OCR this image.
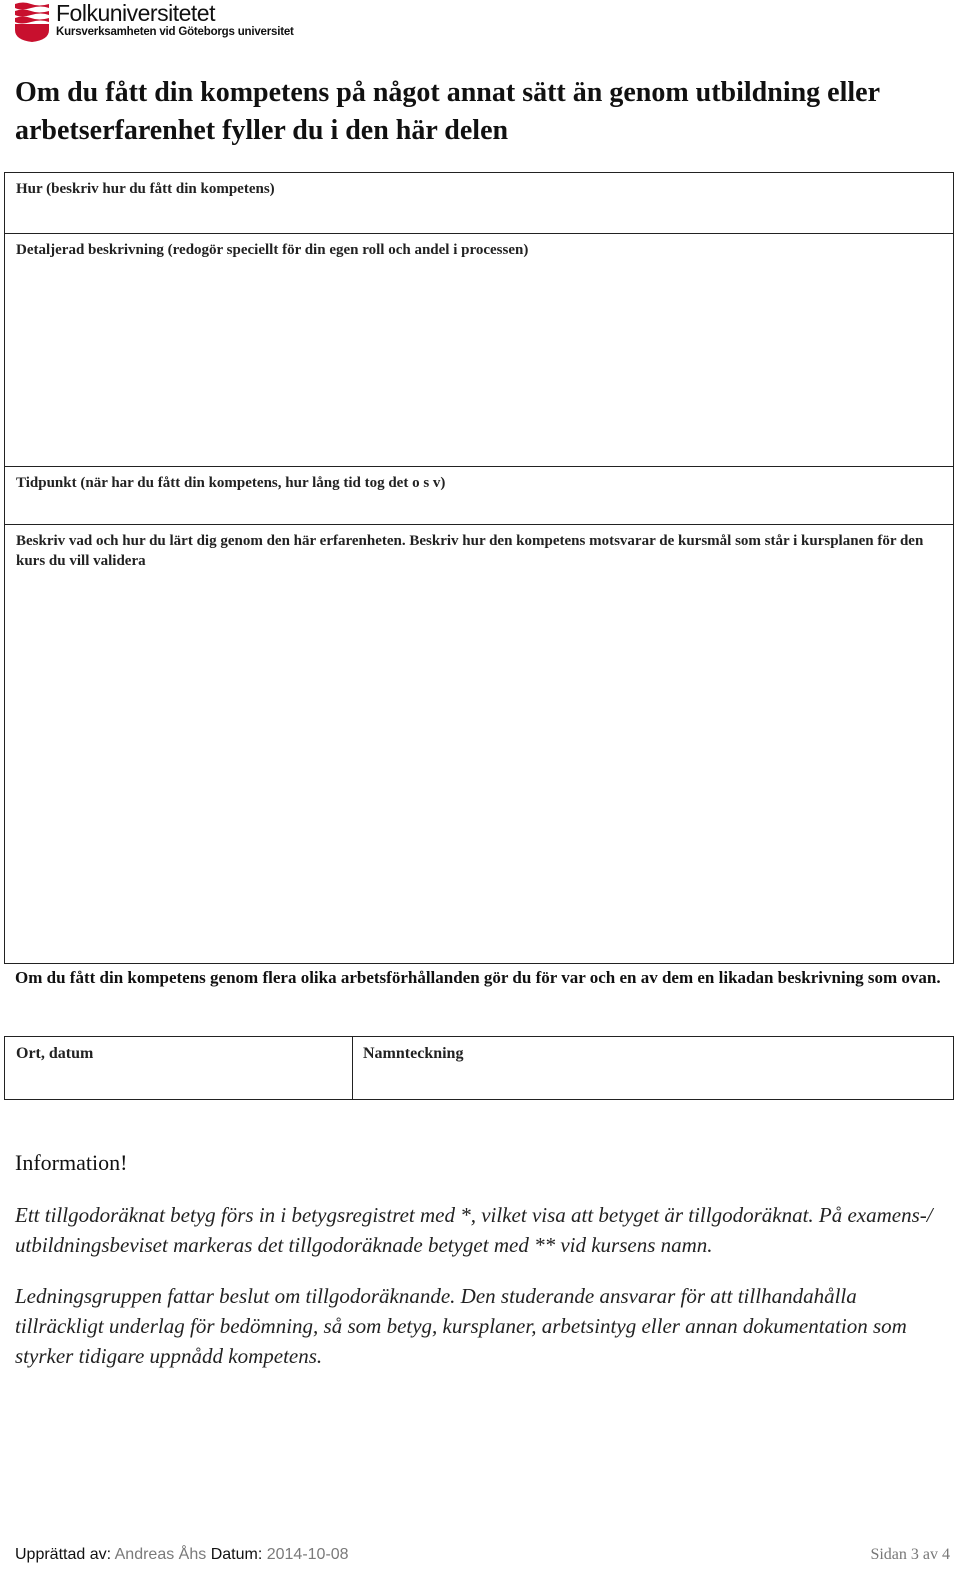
Folkuniversitetet
Kursverksamheten vid Göteborgs universitet
Om du fått din kompetens på något annat sätt än genom utbildning eller arbetserfarenhet fyller du i den här delen
Hur (beskriv hur du fått din kompetens)
Detaljerad beskrivning (redogör speciellt för din egen roll och andel i processen)
Tidpunkt (när har du fått din kompetens, hur lång tid tog det o s v)
Beskriv vad och hur du lärt dig genom den här erfarenheten. Beskriv hur den kompetens motsvarar de kursmål som står i kursplanen för den kurs du vill validera
Om du fått din kompetens genom flera olika arbetsförhållanden gör du för var och en av dem en likadan beskrivning som ovan.
Ort, datum	Namnteckning
Information!

Ett tillgodoräknat betyg förs in i betygsregistret med *, vilket visa att betyget är tillgodoräknat. På examens-/ utbildningsbeviset markeras det tillgodoräknade betyget med ** vid kursens namn.

Ledningsgruppen fattar beslut om tillgodoräknande. Den studerande ansvarar för att tillhandahålla tillräckligt underlag för bedömning, så som betyg, kursplaner, arbetsintyg eller annan dokumentation som styrker tidigare uppnådd kompetens.

Upprättad av: Andreas Åhs Datum: 2014-10-08	Sidan 3 av 4
